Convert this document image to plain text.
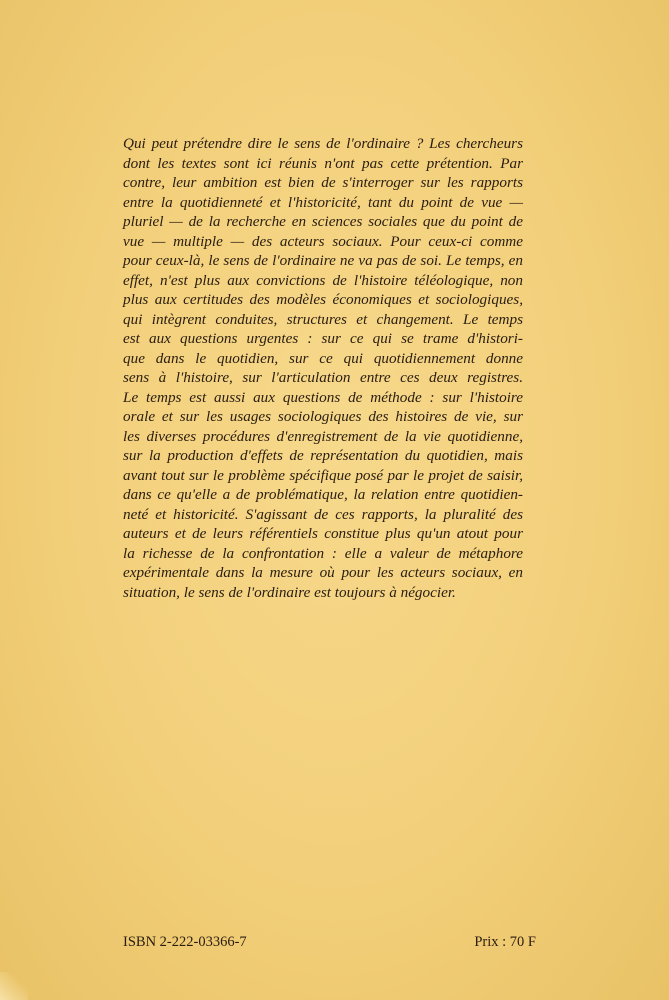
Qui peut prétendre dire le sens de l'ordinaire ? Les chercheurs
dont les textes sont ici réunis n'ont pas cette prétention. Par
contre, leur ambition est bien de s'interroger sur les rapports
entre la quotidienneté et l'historicité, tant du point de vue —
pluriel — de la recherche en sciences sociales que du point de
vue — multiple — des acteurs sociaux. Pour ceux-ci comme
pour ceux-là, le sens de l'ordinaire ne va pas de soi. Le temps, en
effet, n'est plus aux convictions de l'histoire téléologique, non
plus aux certitudes des modèles économiques et sociologiques,
qui intègrent conduites, structures et changement. Le temps
est aux questions urgentes : sur ce qui se trame d'histori-
que dans le quotidien, sur ce qui quotidiennement donne
sens à l'histoire, sur l'articulation entre ces deux registres.
Le temps est aussi aux questions de méthode : sur l'histoire
orale et sur les usages sociologiques des histoires de vie, sur
les diverses procédures d'enregistrement de la vie quotidienne,
sur la production d'effets de représentation du quotidien, mais
avant tout sur le problème spécifique posé par le projet de saisir,
dans ce qu'elle a de problématique, la relation entre quotidien-
neté et historicité. S'agissant de ces rapports, la pluralité des
auteurs et de leurs référentiels constitue plus qu'un atout pour
la richesse de la confrontation : elle a valeur de métaphore
expérimentale dans la mesure où pour les acteurs sociaux, en
situation, le sens de l'ordinaire est toujours à négocier.
ISBN 2-222-03366-7	Prix : 70 F
